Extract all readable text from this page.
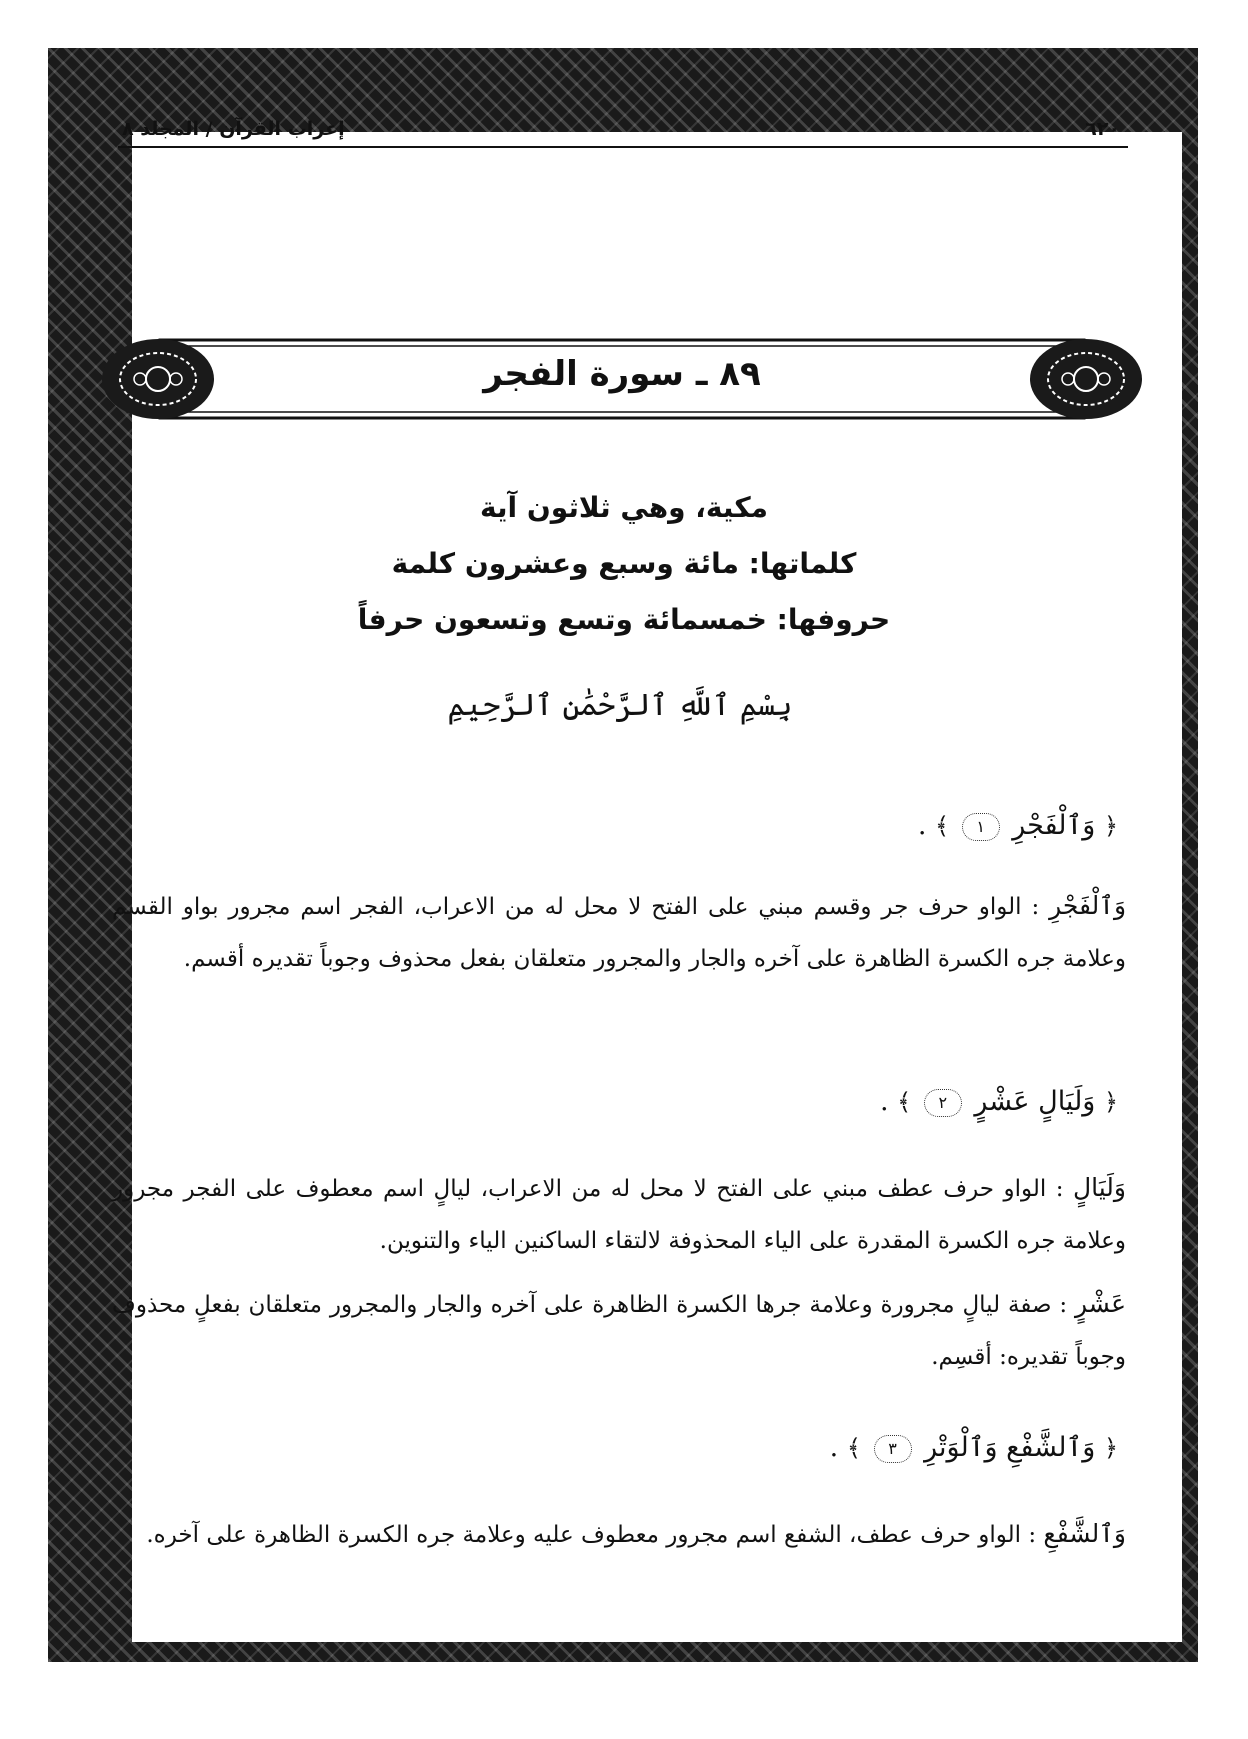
٦٢٠
إعراب القرآن / المجلد ٨
٨٩ ـ سورة الفجر
مكية، وهي ثلاثون آية
كلماتها: مائة وسبع وعشرون كلمة
حروفها: خمسمائة وتسع وتسعون حرفاً
بِسْمِ ٱللَّهِ ٱلرَّحْمَٰنِ ٱلرَّحِيمِ
﴿ وَٱلْفَجْرِ ١ ﴾ .
وَٱلْفَجْرِ : الواو حرف جر وقسم مبني على الفتح لا محل له من الاعراب، الفجر اسم مجرور بواو القسم وعلامة جره الكسرة الظاهرة على آخره والجار والمجرور متعلقان بفعل محذوف وجوباً تقديره أقسم.
﴿ وَلَيَالٍ عَشْرٍ ٢ ﴾ .
وَلَيَالٍ : الواو حرف عطف مبني على الفتح لا محل له من الاعراب، ليالٍ اسم معطوف على الفجر مجرور وعلامة جره الكسرة المقدرة على الياء المحذوفة لالتقاء الساكنين الياء والتنوين.
عَشْرٍ : صفة ليالٍ مجرورة وعلامة جرها الكسرة الظاهرة على آخره والجار والمجرور متعلقان بفعلٍ محذوف وجوباً تقديره: أقسِم.
﴿ وَٱلشَّفْعِ وَٱلْوَتْرِ ٣ ﴾ .
وَٱلشَّفْعِ : الواو حرف عطف، الشفع اسم مجرور معطوف عليه وعلامة جره الكسرة الظاهرة على آخره.
